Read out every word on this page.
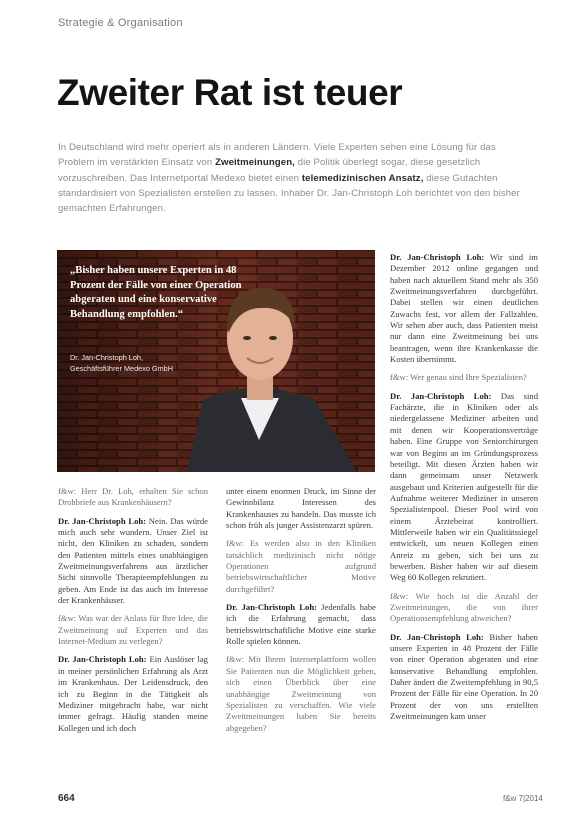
Strategie & Organisation
Zweiter Rat ist teuer

In Deutschland wird mehr operiert als in anderen Ländern. Viele Experten sehen eine Lösung für das Problem im verstärkten Einsatz von Zweitmeinungen, die Politik überlegt sogar, diese gesetzlich vorzuschreiben. Das Internetportal Medexo bietet einen telemedizinischen Ansatz, diese Gutachten standardisiert von Spezialisten erstellen zu lassen. Inhaber Dr. Jan-Christoph Loh berichtet von den bisher gemachten Erfahrungen.

„Bisher haben unsere Experten in 48 Prozent der Fälle von einer Operation abgeraten und eine konservative Behandlung empfohlen.“

Dr. Jan-Christoph Loh,
Geschäftsführer Medexo GmbH

f&w: Herr Dr. Loh, erhalten Sie schon Drohbriefe aus Krankenhäusern?

Dr. Jan-Christoph Loh: Nein. Das würde mich auch sehr wundern. Unser Ziel ist nicht, den Kliniken zu schaden, sondern den Patienten mittels eines unabhängigen Zweitmeinungsverfahrens aus ärztlicher Sicht sinnvolle Therapieempfehlungen zu geben. Am Ende ist das auch im Interesse der Krankenhäuser.

f&w: Was war der Anlass für Ihre Idee, die Zweitmeinung auf Experten und das Internet-Medium zu verlegen?

Dr. Jan-Christoph Loh: Ein Auslöser lag in meiner persönlichen Erfahrung als Arzt im Krankenhaus. Der Leidensdruck, den ich zu Beginn in die Tätigkeit als Mediziner mitgebracht habe, war nicht immer gefragt. Häufig standen meine Kollegen und ich doch

unter einem enormen Druck, im Sinne der Gewinnbilanz Interessen des Krankenhauses zu handeln. Das musste ich schon früh als junger Assistenzarzt spüren.

f&w: Es werden also in den Kliniken tatsächlich medizinisch nicht nötige Operationen aufgrund betriebswirtschaftlicher Motive durchgeführt?

Dr. Jan-Christoph Loh: Jedenfalls habe ich die Erfahrung gemacht, dass betriebswirtschaftliche Motive eine starke Rolle spielen können.

f&w: Mit Ihrem Internetplattform wollen Sie Patienten nun die Möglichkeit geben, sich einen Überblick über eine unabhängige Zweitmeinung von Spezialisten zu verschaffen. Wie viele Zweitmeinungen haben Sie bereits abgegeben?

Dr. Jan-Christoph Loh: Wir sind im Dezember 2012 online gegangen und haben nach aktuellem Stand mehr als 350 Zweitmeinungsverfahren durchgeführt. Dabei stellen wir einen deutlichen Zuwachs fest, vor allem der Fallzahlen. Wir sehen aber auch, dass Patienten meist nur dann eine Zweitmeinung bei uns beantragen, wenn ihre Krankenkasse die Kosten übernimmt.

f&w: Wer genau sind Ihre Spezialisten?

Dr. Jan-Christoph Loh: Das sind Fachärzte, die in Kliniken oder als niedergelassene Mediziner arbeiten und mit denen wir Kooperationsverträge haben. Eine Gruppe von Seniorchirurgen war von Beginn an im Gründungsprozess beteiligt. Mit diesen Ärzten haben wir dann gemeinsam unser Netzwerk ausgebaut und Kriterien aufgestellt für die Aufnahme weiterer Mediziner in unseren Spezialistenpool. Dieser Pool wird von einem Ärztebeirat kontrolliert. Mittlerweile haben wir ein Qualitätssiegel entwickelt, um neuen Kollegen einen Anreiz zu geben, sich bei uns zu bewerben. Bisher haben wir auf diesem Weg 60 Kollegen rekrutiert.

f&w: Wie hoch ist die Anzahl der Zweitmeinungen, die von ihrer Operationsempfehlung abweichen?

Dr. Jan-Christoph Loh: Bisher haben unsere Experten in 48 Prozent der Fälle von einer Operation abgeraten und eine konservative Behandlung empfohlen. Daher ändert die Zweitempfehlung in 90,5 Prozent der Fälle für eine Operation. In 20 Prozent der von uns erstellten Zweitmeinungen kam unser

664	f&w 7|2014
